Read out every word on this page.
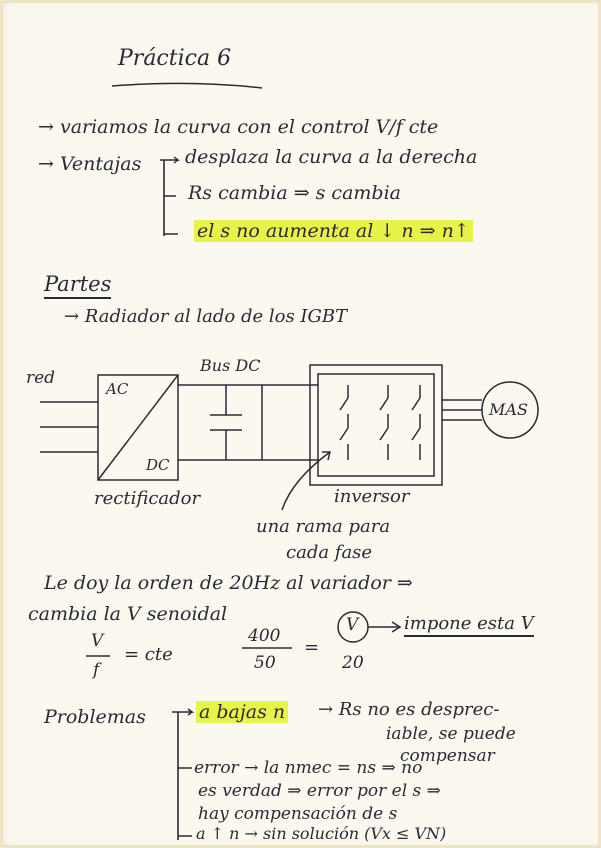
Práctica 6
→ variamos la curva con el control V/f cte
→ Ventajas desplaza la curva a la derecha
Rs cambia ⇒ s cambia
el s no aumenta al ↓ n ⇒ n↑
Partes
→ Radiador al lado de los IGBT
red
AC
DC
Bus DC
MAS
rectificador	inversor
una rama para
cada fase
Le doy la orden de 20Hz al variador ⇒
cambia la V senoidal
V
f
= cte
400
50
=
V
20
impone esta V
Problemas	a bajas n → Rs no es desprec-
iable, se puede
compensar
error → la nmec = ns ⇒ no
es verdad ⇒ error por el s ⇒
hay compensación de s
a ↑ n → sin solución (Vx ≤ VN)
